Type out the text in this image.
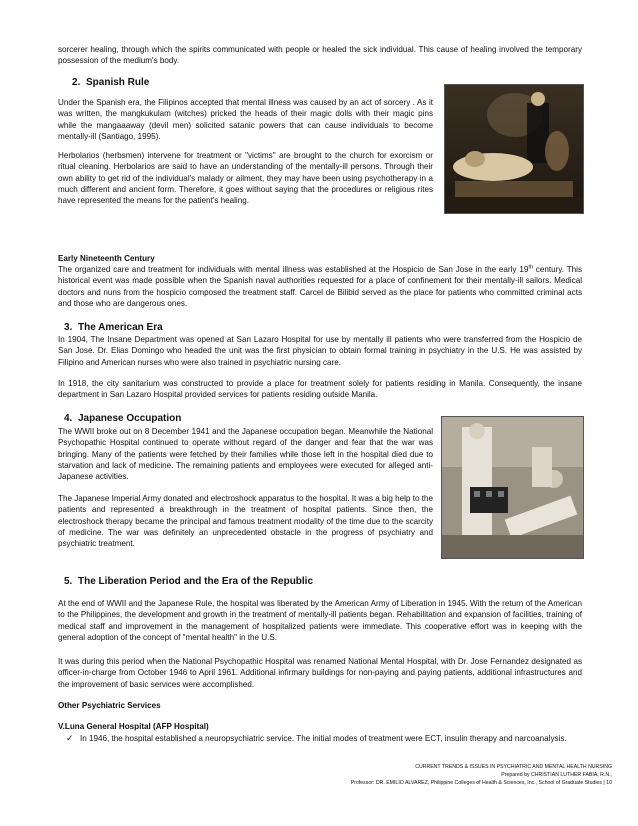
sorcerer healing, through which the spirits communicated with people or healed the sick individual. This cause of healing involved the temporary possession of the medium's body.

2. Spanish Rule

Under the Spanish era, the Filipinos accepted that mental illness was caused by an act of sorcery . As it was written, the mangkukulam (witches) pricked the heads of their magic dolls with their magic pins while the mangaaaway (devil men) solicited satanic powers that can cause individuals to become mentally-ill (Santiago, 1995).

Herbolarios (herbsmen) intervene for treatment or "victims" are brought to the church for exorcism or ritual cleaning. Herbolarios are said to have an understanding of the mentally-ill persons. Through their own ability to get rid of the individual's malady or ailment, they may have been using psychotherapy in a much different and ancient form. Therefore, it goes without saying that the procedures or religious rites have represented the means for the patient's healing.

Early Nineteenth Century

The organized care and treatment for individuals with mental illness was established at the Hospicio de San Jose in the early 19th century. This historical event was made possible when the Spanish naval authorities requested for a place of confinement for their mentally-ill sailors. Medical doctors and nuns from the hospicio composed the treatment staff. Carcel de Bilibid served as the place for patients who committed criminal acts and those who are dangerous ones.

3. The American Era

In 1904, The Insane Department was opened at San Lazaro Hospital for use by mentally ill patients who were transferred from the Hospicio de San Jose. Dr. Elias Domingo who headed the unit was the first physician to obtain formal training in psychiatry in the U.S. He was assisted by Filipino and American nurses who were also trained in psychiatric nursing care.

In 1918, the city sanitarium was constructed to provide a place for treatment solely for patients residing in Manila. Consequently, the insane department in San Lazaro Hospital provided services for patients residing outside Manila.

4. Japanese Occupation

The WWII broke out on 8 December 1941 and the Japanese occupation began. Meanwhile the National Psychopathic Hospital continued to operate without regard of the danger and fear that the war was bringing. Many of the patients were fetched by their families while those left in the hospital died due to starvation and lack of medicine. The remaining patients and employees were executed for alleged anti-Japanese activities.

The Japanese Imperial Army donated and electroshock apparatus to the hospital. It was a big help to the patients and represented a breakthrough in the treatment of hospital patients. Since then, the electroshock therapy became the principal and famous treatment modality of the time due to the scarcity of medicine. The war was definitely an unprecedented obstacle in the progress of psychiatry and psychiatric treatment.

5. The Liberation Period and the Era of the Republic

At the end of WWII and the Japanese Rule, the hospital was liberated by the American Army of Liberation in 1945. With the return of the American to the Philippines, the development and growth in the treatment of mentally-ill patients began. Rehabilitation and expansion of facilities, training of medical staff and improvement in the management of hospitalized patients were immediate. This cooperative effort was in keeping with the general adoption of the concept of "mental health" in the U.S.

It was during this period when the National Psychopathic Hospital was renamed National Mental Hospital, with Dr. Jose Fernandez designated as officer-in-charge from October 1946 to April 1961. Additional infirmary buildings for non-paying and paying patients, additional infrastructures and the improvement of basic services were accomplished.

Other Psychiatric Services
V.Luna General Hospital (AFP Hospital)
✓ In 1946, the hospital established a neuropsychiatric service. The initial modes of treatment were ECT, insulin therapy and narcoanalysis.

CURRENT TRENDS & ISSUES IN PSYCHIATRIC AND MENTAL HEALTH NURSING
Prepared by CHRISTIAN LUTHER FABIA, R.N.,
Professor: DR. EMILIO ALVAREZ, Philippine Colleges of Health & Sciences, Inc., School of Graduate Studies | 10
